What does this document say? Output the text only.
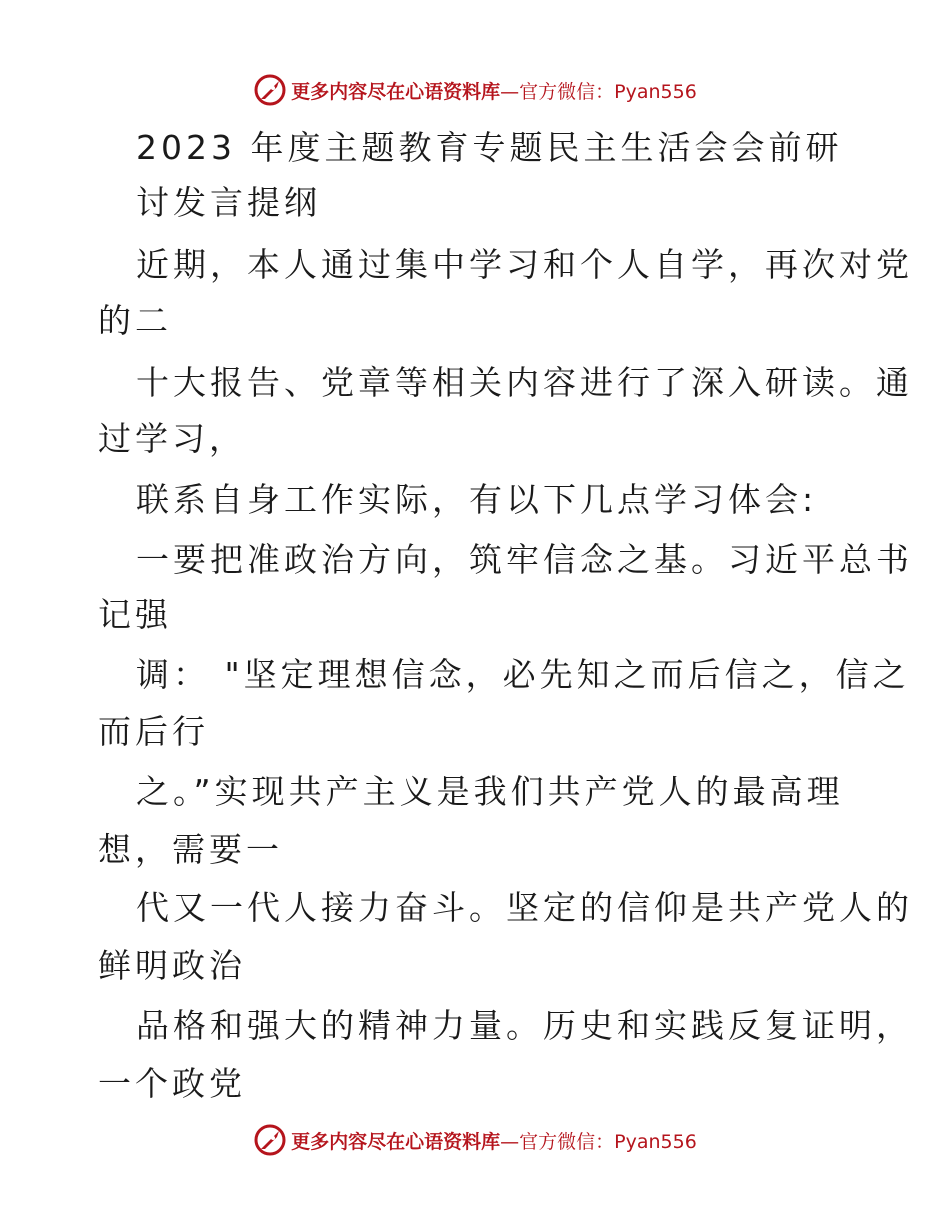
更多内容尽在心语资料库 —官方微信：Pyan556
2023 年度主题教育专题民主生活会会前研
讨发言提纲
近期，本人通过集中学习和个人自学，再次对党
的二
十大报告、党章等相关内容进行了深入研读。通
过学习，
联系自身工作实际，有以下几点学习体会:
一要把准政治方向，筑牢信念之基。习近平总书
记强
调： "坚定理想信念，必先知之而后信之，信之
而后行
之。”实现共产主义是我们共产党人的最高理
想，需要一
代又一代人接力奋斗。坚定的信仰是共产党人的
鲜明政治
品格和强大的精神力量。历史和实践反复证明，
一个政党
更多内容尽在心语资料库 —官方微信：Pyan556
